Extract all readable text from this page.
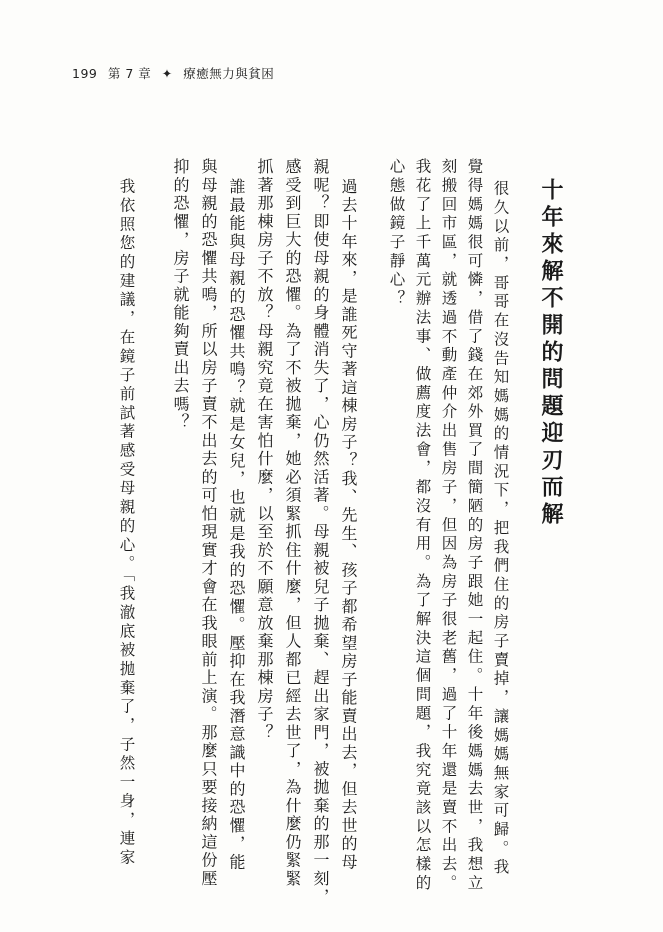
199 第 7 章 ✦ 療癒無力與貧困
十年來解不開的問題迎刃而解
很久以前，哥哥在沒告知媽媽的情況下，把我們住的房子賣掉，讓媽媽無家可歸。我
覺得媽媽很可憐，借了錢在郊外買了間簡陋的房子跟她一起住。十年後媽媽去世，我想立
刻搬回市區，就透過不動產仲介出售房子，但因為房子很老舊，過了十年還是賣不出去。
我花了上千萬元辦法事、做薦度法會，都沒有用。為了解決這個問題，我究竟該以怎樣的
心態做鏡子靜心？
過去十年來，是誰死守著這棟房子？我、先生、孩子都希望房子能賣出去，但去世的母
親呢？即使母親的身體消失了，心仍然活著。母親被兒子拋棄、趕出家門，被拋棄的那一刻，
感受到巨大的恐懼。為了不被拋棄，她必須緊抓住什麼，但人都已經去世了，為什麼仍緊緊
抓著那棟房子不放？母親究竟在害怕什麼，以至於不願意放棄那棟房子？
誰最能與母親的恐懼共鳴？就是女兒，也就是我的恐懼。壓抑在我潛意識中的恐懼，能
與母親的恐懼共鳴，所以房子賣不出去的可怕現實才會在我眼前上演。那麼只要接納這份壓
抑的恐懼，房子就能夠賣出去嗎？
我依照您的建議，在鏡子前試著感受母親的心。「我澈底被拋棄了，子然一身，連家
